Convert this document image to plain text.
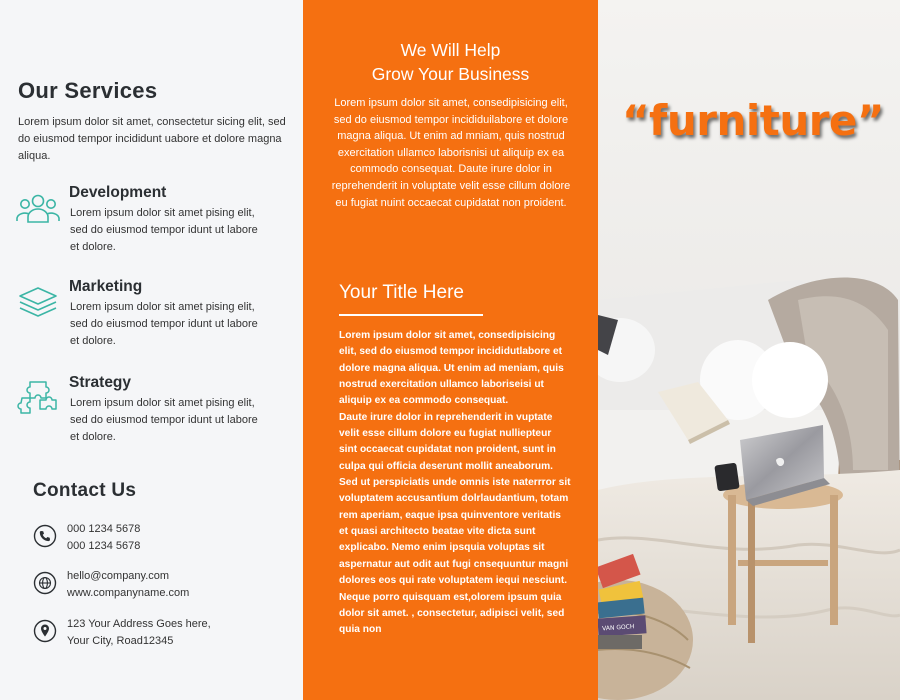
Our Services
Lorem ipsum dolor sit amet, consectetur sicing elit, sed do eiusmod tempor incididunt uabore et dolore magna aliqua.
Development
Lorem ipsum dolor sit amet pising elit, sed do eiusmod tempor idunt ut labore et dolore.
Marketing
Lorem ipsum dolor sit amet pising elit, sed do eiusmod tempor idunt ut labore et dolore.
Strategy
Lorem ipsum dolor sit amet pising elit, sed do eiusmod tempor idunt ut labore et dolore.
Contact Us
000 1234 5678
000 1234 5678
hello@company.com
www.companyname.com
123 Your Address Goes here,
Your City, Road12345
We Will Help
Grow Your Business
Lorem ipsum dolor sit amet, consedipisicing elit, sed do eiusmod tempor incididuilabore et dolore magna aliqua. Ut enim ad mniam, quis nostrud exercitation ullamco laborisnisi ut aliquip ex ea commodo consequat. Daute irure dolor in reprehenderit in voluptate velit esse cillum dolore eu fugiat nuint occaecat cupidatat non proident.
Your Title Here
Lorem ipsum dolor sit amet, consedipisicing elit, sed do eiusmod tempor incididutlabore et dolore magna aliqua. Ut enim ad meniam, quis nostrud exercitation ullamco laboriseisi ut aliquip ex ea commodo consequat.
Daute irure dolor in reprehenderit in vuptate velit esse cillum dolore eu fugiat nulliepteur sint occaecat cupidatat non proident, sunt in culpa qui officia deserunt mollit aneaborum. Sed ut perspiciatis unde omnis iste naterrror sit voluptatem accusantium dolrlaudantium, totam rem aperiam, eaque ipsa quinventore veritatis et quasi architecto beatae vite dicta sunt explicabo. Nemo enim ipsquia voluptas sit aspernatur aut odit aut fugi cnsequuntur magni dolores eos qui rate voluptatem iequi nesciunt. Neque porro quisquam est,olorem ipsum quia dolor sit amet. , consectetur, adipisci velit, sed quia non	VAN GOCH
“furniture”
